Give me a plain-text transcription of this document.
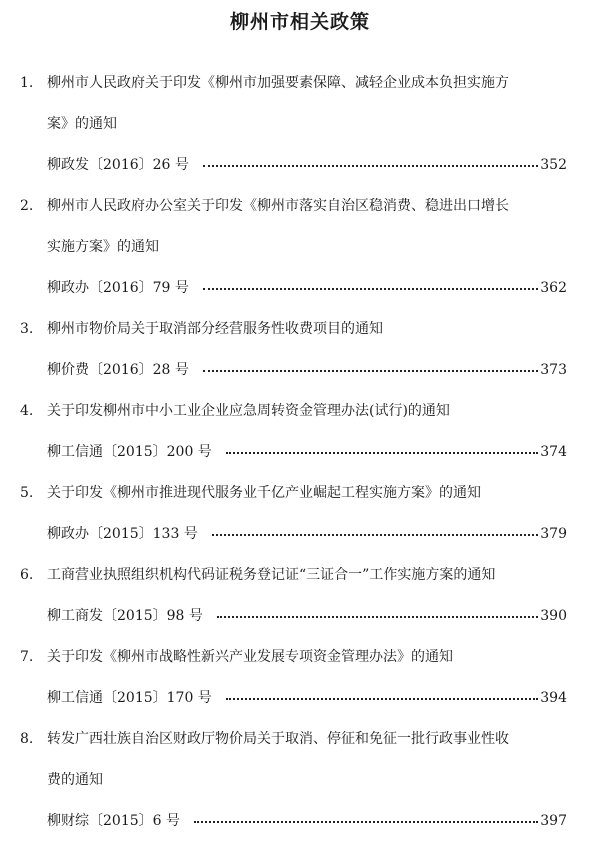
柳州市相关政策
1. 柳州市人民政府关于印发《柳州市加强要素保障、减轻企业成本负担实施方
案》的通知
柳政发〔2016〕26 号	352
2. 柳州市人民政府办公室关于印发《柳州市落实自治区稳消费、稳进出口增长
实施方案》的通知
柳政办〔2016〕79 号	362
3. 柳州市物价局关于取消部分经营服务性收费项目的通知
柳价费〔2016〕28 号	373
4. 关于印发柳州市中小工业企业应急周转资金管理办法(试行)的通知
柳工信通〔2015〕200 号	374
5. 关于印发《柳州市推进现代服务业千亿产业崛起工程实施方案》的通知
柳政办〔2015〕133 号	379
6. 工商营业执照组织机构代码证税务登记证“三证合一”工作实施方案的通知
柳工商发〔2015〕98 号	390
7. 关于印发《柳州市战略性新兴产业发展专项资金管理办法》的通知
柳工信通〔2015〕170 号	394
8. 转发广西壮族自治区财政厅物价局关于取消、停征和免征一批行政事业性收
费的通知
柳财综〔2015〕6 号	397
